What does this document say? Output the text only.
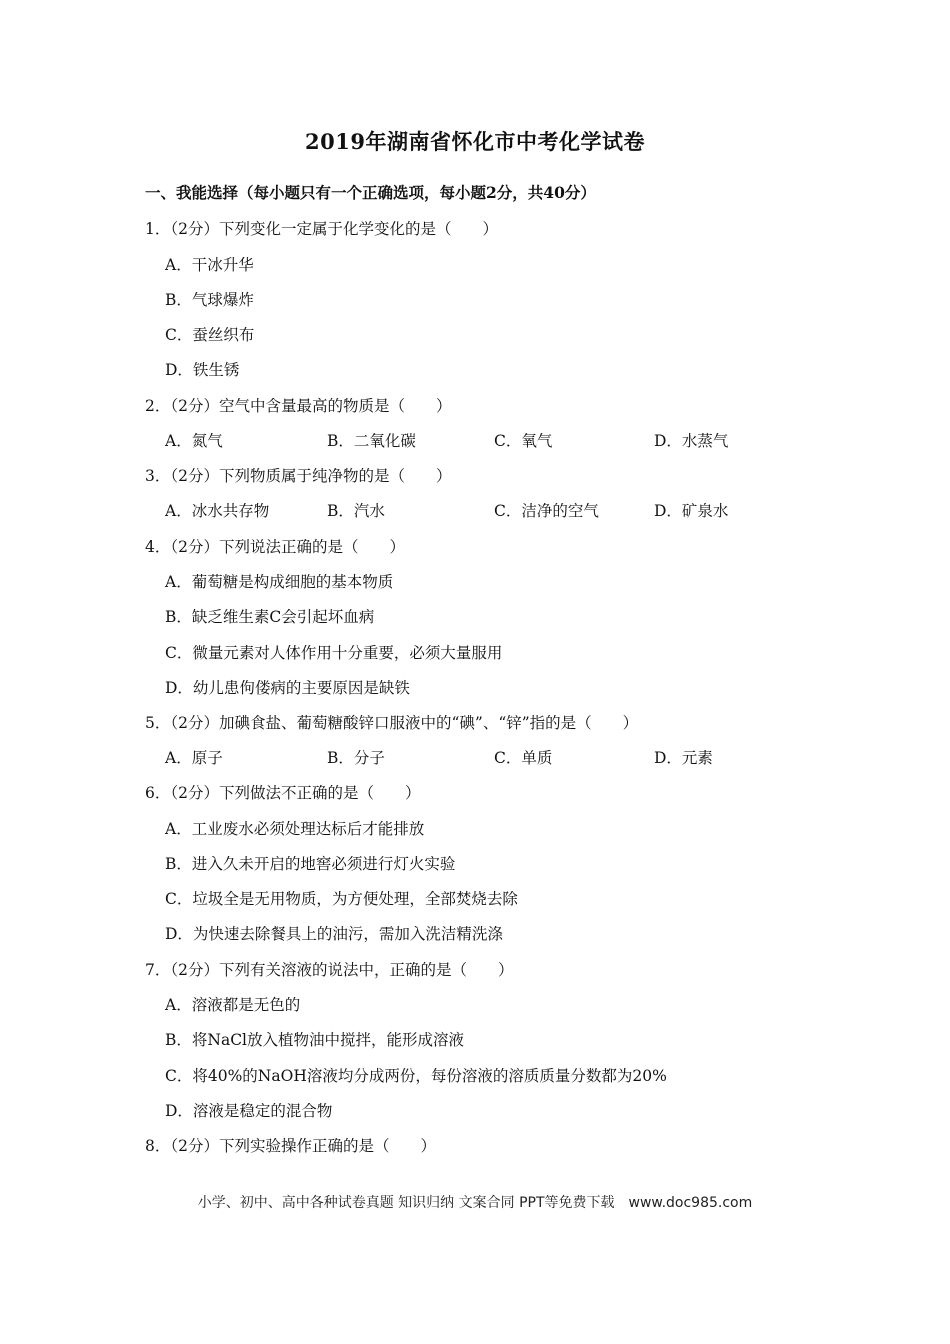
2019年湖南省怀化市中考化学试卷
一、我能选择（每小题只有一个正确选项，每小题2分，共40分）
1．（2分）下列变化一定属于化学变化的是（　　）
A．干冰升华
B．气球爆炸
C．蚕丝织布
D．铁生锈
2．（2分）空气中含量最高的物质是（　　）
A．氮气	B．二氧化碳	C．氧气	D．水蒸气
3．（2分）下列物质属于纯净物的是（　　）
A．冰水共存物	B．汽水	C．洁净的空气	D．矿泉水
4．（2分）下列说法正确的是（　　）
A．葡萄糖是构成细胞的基本物质
B．缺乏维生素C会引起坏血病
C．微量元素对人体作用十分重要，必须大量服用
D．幼儿患佝偻病的主要原因是缺铁
5．（2分）加碘食盐、葡萄糖酸锌口服液中的“碘”、“锌”指的是（　　）
A．原子	B．分子	C．单质	D．元素
6．（2分）下列做法不正确的是（　　）
A．工业废水必须处理达标后才能排放
B．进入久未开启的地窖必须进行灯火实验
C．垃圾全是无用物质，为方便处理，全部焚烧去除
D．为快速去除餐具上的油污，需加入洗洁精洗涤
7．（2分）下列有关溶液的说法中，正确的是（　　）
A．溶液都是无色的
B．将NaCl放入植物油中搅拌，能形成溶液
C．将40%的NaOH溶液均分成两份，每份溶液的溶质质量分数都为20%
D．溶液是稳定的混合物
8．（2分）下列实验操作正确的是（　　）
小学、初中、高中各种试卷真题 知识归纳 文案合同 PPT等免费下载　www.doc985.com
